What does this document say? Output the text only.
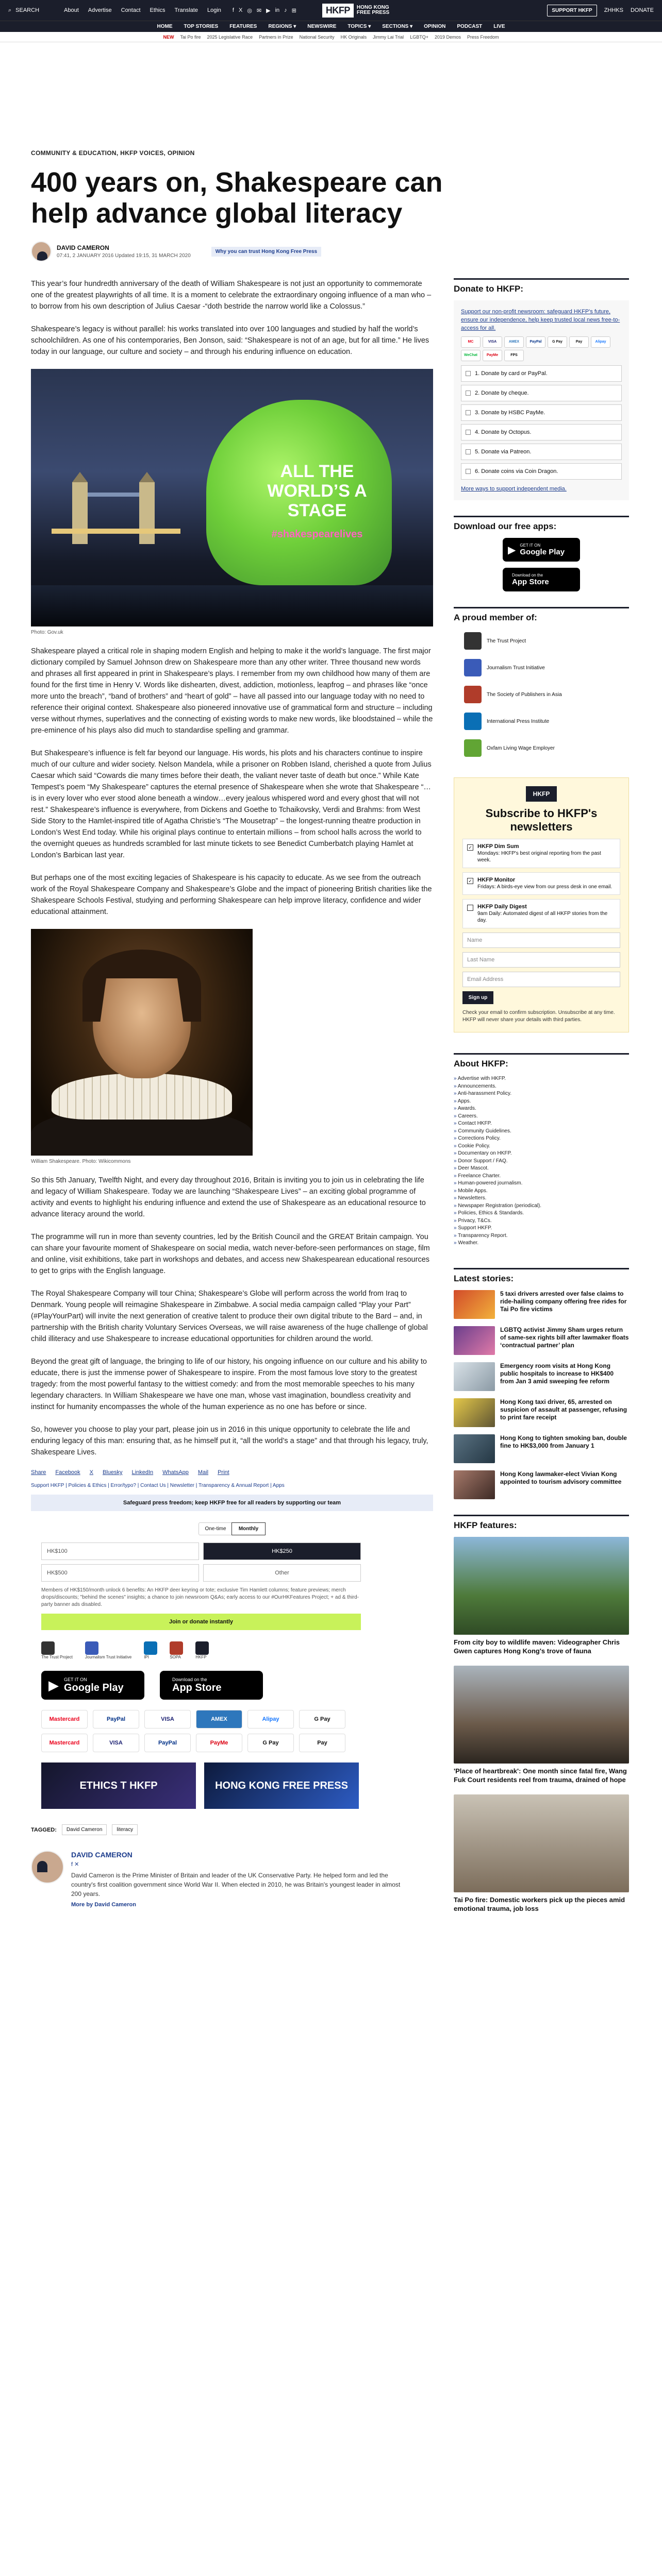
⌕ SEARCH	About Advertise Contact Ethics Translate Login f X ◎ ✉ ▶ in ♪ ⊞	HKFP	HONG KONG
FREE PRESS	SUPPORT HKFP	ZHHKS DONATE
HOME TOP STORIES FEATURES REGIONS ▾ NEWSWIRE TOPICS ▾ SECTIONS ▾ OPINION PODCAST LIVE
NEW Tai Po fire 2025 Legislative Race Partners in Prize National Security HK Originals Jimmy Lai Trial LGBTQ+ 2019 Demos Press Freedom
COMMUNITY & EDUCATION, HKFP VOICES, OPINION
400 years on, Shakespeare can help advance global literacy
DAVID CAMERON
07:41, 2 JANUARY 2016 Updated 19:15, 31 MARCH 2020
Why you can trust Hong Kong Free Press

This year’s four hundredth anniversary of the death of William Shakespeare is not just an opportunity to commemorate one of the greatest playwrights of all time. It is a moment to celebrate the extraordinary ongoing influence of a man who – to borrow from his own description of Julius Caesar -“doth bestride the narrow world like a Colossus.”

Shakespeare’s legacy is without parallel: his works translated into over 100 languages and studied by half the world’s schoolchildren. As one of his contemporaries, Ben Jonson, said: “Shakespeare is not of an age, but for all time.” He lives today in our language, our culture and society – and through his enduring influence on education.

ALL THE WORLD’S A STAGE
#shakespearelives
Photo: Gov.uk

Shakespeare played a critical role in shaping modern English and helping to make it the world’s language. The first major dictionary compiled by Samuel Johnson drew on Shakespeare more than any other writer. Three thousand new words and phrases all first appeared in print in Shakespeare’s plays. I remember from my own childhood how many of them are found for the first time in Henry V. Words like dishearten, divest, addiction, motionless, leapfrog – and phrases like “once more unto the breach”, “band of brothers” and “heart of gold” – have all passed into our language today with no need to reference their original context. Shakespeare also pioneered innovative use of grammatical form and structure – including verse without rhymes, superlatives and the connecting of existing words to make new words, like bloodstained – while the pre-eminence of his plays also did much to standardise spelling and grammar.

But Shakespeare’s influence is felt far beyond our language. His words, his plots and his characters continue to inspire much of our culture and wider society. Nelson Mandela, while a prisoner on Robben Island, cherished a quote from Julius Caesar which said “Cowards die many times before their death, the valiant never taste of death but once.” While Kate Tempest’s poem “My Shakespeare” captures the eternal presence of Shakespeare when she wrote that Shakespeare “…is in every lover who ever stood alone beneath a window…every jealous whispered word and every ghost that will not rest.” Shakespeare’s influence is everywhere, from Dickens and Goethe to Tchaikovsky, Verdi and Brahms: from West Side Story to the Hamlet-inspired title of Agatha Christie’s “The Mousetrap” – the longest-running theatre production in London’s West End today. While his original plays continue to entertain millions – from school halls across the world to the overnight queues as hundreds scrambled for last minute tickets to see Benedict Cumberbatch playing Hamlet at London’s Barbican last year.

But perhaps one of the most exciting legacies of Shakespeare is his capacity to educate. As we see from the outreach work of the Royal Shakespeare Company and Shakespeare’s Globe and the impact of pioneering British charities like the Shakespeare Schools Festival, studying and performing Shakespeare can help improve literacy, confidence and wider educational attainment.

William Shakespeare. Photo: Wikicommons

So this 5th January, Twelfth Night, and every day throughout 2016, Britain is inviting you to join us in celebrating the life and legacy of William Shakespeare. Today we are launching “Shakespeare Lives” – an exciting global programme of activity and events to highlight his enduring influence and extend the use of Shakespeare as an educational resource to advance literacy around the world.

The programme will run in more than seventy countries, led by the British Council and the GREAT Britain campaign. You can share your favourite moment of Shakespeare on social media, watch never-before-seen performances on stage, film and online, visit exhibitions, take part in workshops and debates, and access new Shakespearean educational resources to get to grips with the English language.

The Royal Shakespeare Company will tour China; Shakespeare’s Globe will perform across the world from Iraq to Denmark. Young people will reimagine Shakespeare in Zimbabwe. A social media campaign called “Play your Part” (#PlayYourPart) will invite the next generation of creative talent to produce their own digital tribute to the Bard – and, in partnership with the British charity Voluntary Services Overseas, we will raise awareness of the huge challenge of global child illiteracy and use Shakespeare to increase educational opportunities for children around the world.

Beyond the great gift of language, the bringing to life of our history, his ongoing influence on our culture and his ability to educate, there is just the immense power of Shakespeare to inspire. From the most famous love story to the greatest tragedy: from the most powerful fantasy to the wittiest comedy: and from the most memorable speeches to his many legendary characters. In William Shakespeare we have one man, whose vast imagination, boundless creativity and instinct for humanity encompasses the whole of the human experience as no one has before or since.

So, however you choose to play your part, please join us in 2016 in this unique opportunity to celebrate the life and enduring legacy of this man: ensuring that, as he himself put it, “all the world’s a stage” and that through his legacy, truly, Shakespeare Lives.

Share Facebook X Bluesky LinkedIn WhatsApp Mail Print
Support HKFP | Policies & Ethics | Error/typo? | Contact Us | Newsletter | Transparency & Annual Report | Apps
Safeguard press freedom; keep HKFP free for all readers by supporting our team
One-time	Monthly
HK$100	HK$250
HK$500	Other
Members of HK$150/month unlock 6 benefits: An HKFP deer keyring or tote; exclusive Tim Hamlett columns; feature previews; merch drops/discounts; "behind the scenes" insights; a chance to join newsroom Q&As; early access to our #OurHKFeatures Project; + ad & third-party banner ads disabled.
Join or donate instantly
The Trust Project	Journalism Trust Initiative	IPI	SOPA	HKFP
▶ GET IT ON
Google Play
Download on the
App Store
Mastercard	PayPal	VISA	AMEX	Alipay	G Pay
Mastercard	VISA	PayPal	PayMe	G Pay	Pay
ETHICS T HKFP	HONG KONG FREE PRESS
TAGGED:	David Cameron	literacy
DAVID CAMERON
f ✕
David Cameron is the Prime Minister of Britain and leader of the UK Conservative Party. He helped form and led the country's first coalition government since World War II. When elected in 2010, he was Britain's youngest leader in almost 200 years.
More by David Cameron
Donate to HKFP:
Support our non-profit newsroom: safeguard HKFP's future, ensure our independence, help keep trusted local news free-to-access for all.
MC	VISA	AMEX	PayPal	G Pay	Pay	Alipay
WeChat	PayMe	FPS
1. Donate by card or PayPal.
2. Donate by cheque.
3. Donate by HSBC PayMe.
4. Donate by Octopus.
5. Donate via Patreon.
6. Donate coins via Coin Dragon.
More ways to support independent media.
Download our free apps:
▶ GET IT ON
Google Play
Download on the
App Store
A proud member of:
The Trust Project
Journalism Trust Initiative
The Society of Publishers in Asia
International Press Institute
Oxfam Living Wage Employer
HKFP
Subscribe to HKFP's newsletters
✓ HKFP Dim Sum
Mondays: HKFP's best original reporting from the past week.
✓ HKFP Monitor
Fridays: A birds-eye view from our press desk in one email.
HKFP Daily Digest
9am Daily: Automated digest of all HKFP stories from the day.
Name
Last Name
Email Address
Sign up
Check your email to confirm subscription. Unsubscribe at any time. HKFP will never share your details with third parties.
About HKFP:
» Advertise with HKFP.
» Announcements.
» Anti-harassment Policy.
» Apps.
» Awards.
» Careers.
» Contact HKFP.
» Community Guidelines.
» Corrections Policy.
» Cookie Policy.
» Documentary on HKFP.
» Donor Support / FAQ.
» Deer Mascot.
» Freelance Charter.
» Human-powered journalism.
» Mobile Apps.
» Newsletters.
» Newspaper Registration (periodical).
» Policies, Ethics & Standards.
» Privacy, T&Cs.
» Support HKFP.
» Transparency Report.
» Weather.
Latest stories:
5 taxi drivers arrested over false claims to ride-hailing company offering free rides for Tai Po fire victims
LGBTQ activist Jimmy Sham urges return of same-sex rights bill after lawmaker floats ‘contractual partner’ plan
Emergency room visits at Hong Kong public hospitals to increase to HK$400 from Jan 3 amid sweeping fee reform
Hong Kong taxi driver, 65, arrested on suspicion of assault at passenger, refusing to print fare receipt
Hong Kong to tighten smoking ban, double fine to HK$3,000 from January 1
Hong Kong lawmaker-elect Vivian Kong appointed to tourism advisory committee
HKFP features:
From city boy to wildlife maven: Videographer Chris Gwen captures Hong Kong's trove of fauna
'Place of heartbreak': One month since fatal fire, Wang Fuk Court residents reel from trauma, drained of hope
Tai Po fire: Domestic workers pick up the pieces amid emotional trauma, job loss
